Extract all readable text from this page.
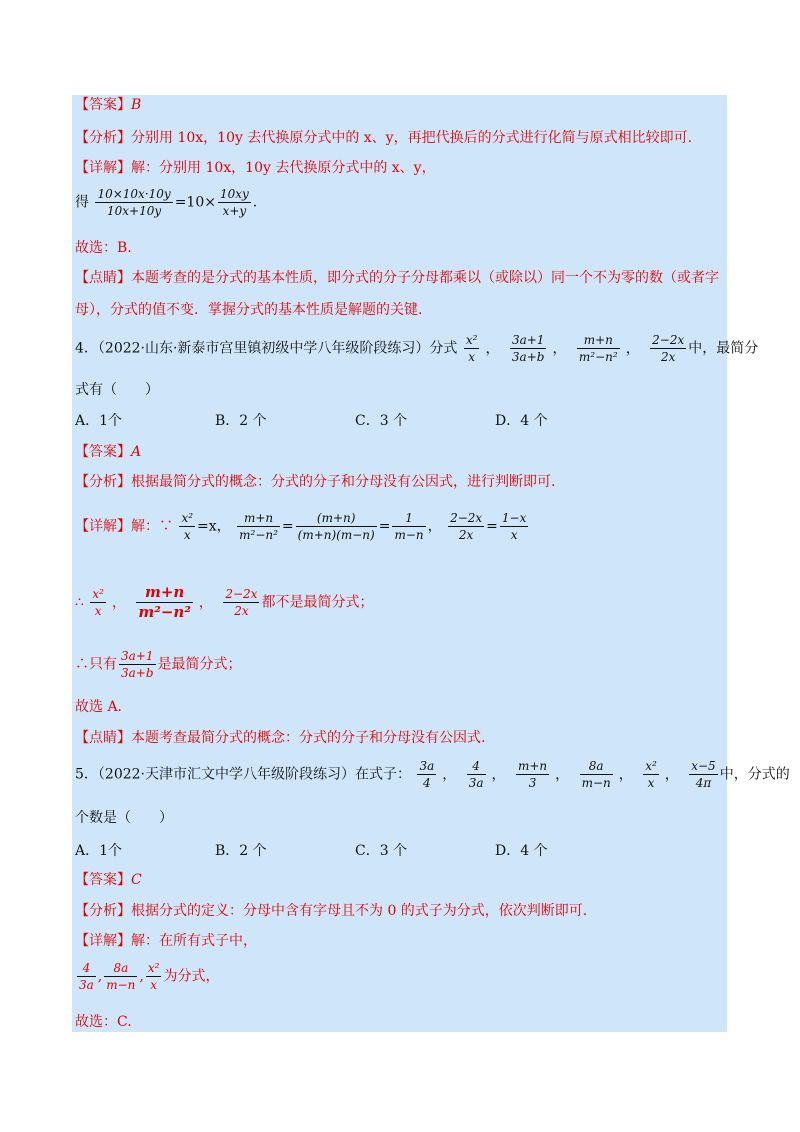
【答案】B
【分析】分别用 10x，10y 去代换原分式中的 x、y，再把代换后的分式进行化简与原式相比较即可.
【详解】解：分别用 10x，10y 去代换原分式中的 x、y，
得 $\frac{10\times 10x\cdot 10y}{10x+10y} =10\times \frac{10xy}{x+y}$ .
故选：B.
【点睛】本题考查的是分式的基本性质，即分式的分子分母都乘以（或除以）同一个不为零的数（或者字
母），分式的值不变．掌握分式的基本性质是解题的关键.
4．（2022·山东·新泰市宫里镇初级中学八年级阶段练习）分式 $\frac{\text{x²}}{x}$ ， $\frac{3a+1}{3a+b}$ ， $\frac{m+n}{\text{m²−n²}}$ ， $\frac{2-2x}{2x}$ 中，最简分
式有（　　）
A．1个	B．2 个	C．3 个	D．4 个
【答案】A
【分析】根据最简分式的概念：分式的分子和分母没有公因式，进行判断即可.
【详解】解：∵ $\frac{\text{x²}}{x} =x$， $\frac{m+n}{\text{m²−n²}} = \frac{(m+n)}{(m+n)(m-n)} = \frac{1}{m-n}$ ， $\frac{2-2x}{2x} = \frac{1-x}{x}$
∴ $\frac{\text{x²}}{x}$ ， $\frac{m+n}{\text{m²−n²}}$ ， $\frac{2-2x}{2x}$ 都不是最简分式；
∴只有 $\frac{3a+1}{3a+b}$ 是最简分式；
故选 A.
【点睛】本题考查最简分式的概念：分式的分子和分母没有公因式.
5．（2022·天津市汇文中学八年级阶段练习）在式子： $\frac{3a}{4}$ ， $\frac{4}{3a}$ ， $\frac{m+n}{3}$ ， $\frac{8a}{m-n}$ ， $\frac{\text{x²}}{x}$ ， $\frac{x-5}{4\pi}$ 中，分式的
个数是（　　）
A．1个	B．2 个	C．3 个	D．4 个
【答案】C
【分析】根据分式的定义：分母中含有字母且不为 0 的式子为分式，依次判断即可.
【详解】解：在所有式子中，
$\frac{4}{3a}$ , $\frac{8a}{m-n}$ , $\frac{\text{x²}}{x}$ 为分式，
故选：C.
